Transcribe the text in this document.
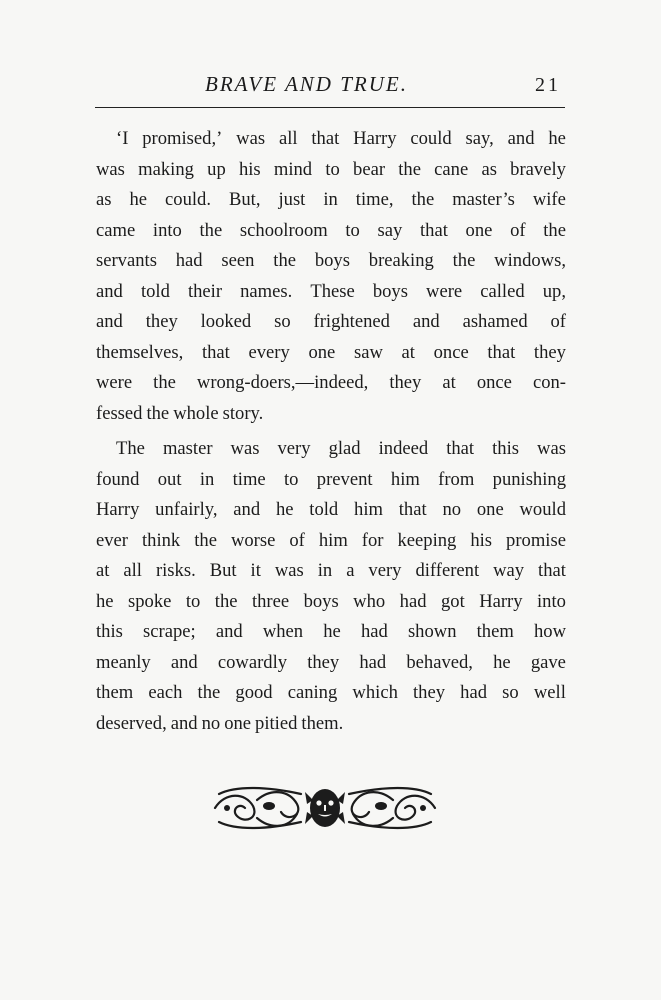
BRAVE AND TRUE.	21
‘I promised,’ was all that Harry could say, and he
was making up his mind to bear the cane as bravely
as he could. But, just in time, the master’s wife
came into the schoolroom to say that one of the
servants had seen the boys breaking the windows,
and told their names. These boys were called up,
and they looked so frightened and ashamed of
themselves, that every one saw at once that they
were the wrong-doers,—indeed, they at once con-
fessed the whole story.
The master was very glad indeed that this was
found out in time to prevent him from punishing
Harry unfairly, and he told him that no one would
ever think the worse of him for keeping his promise
at all risks. But it was in a very different way that
he spoke to the three boys who had got Harry into
this scrape; and when he had shown them how
meanly and cowardly they had behaved, he gave
them each the good caning which they had so well
deserved, and no one pitied them.
